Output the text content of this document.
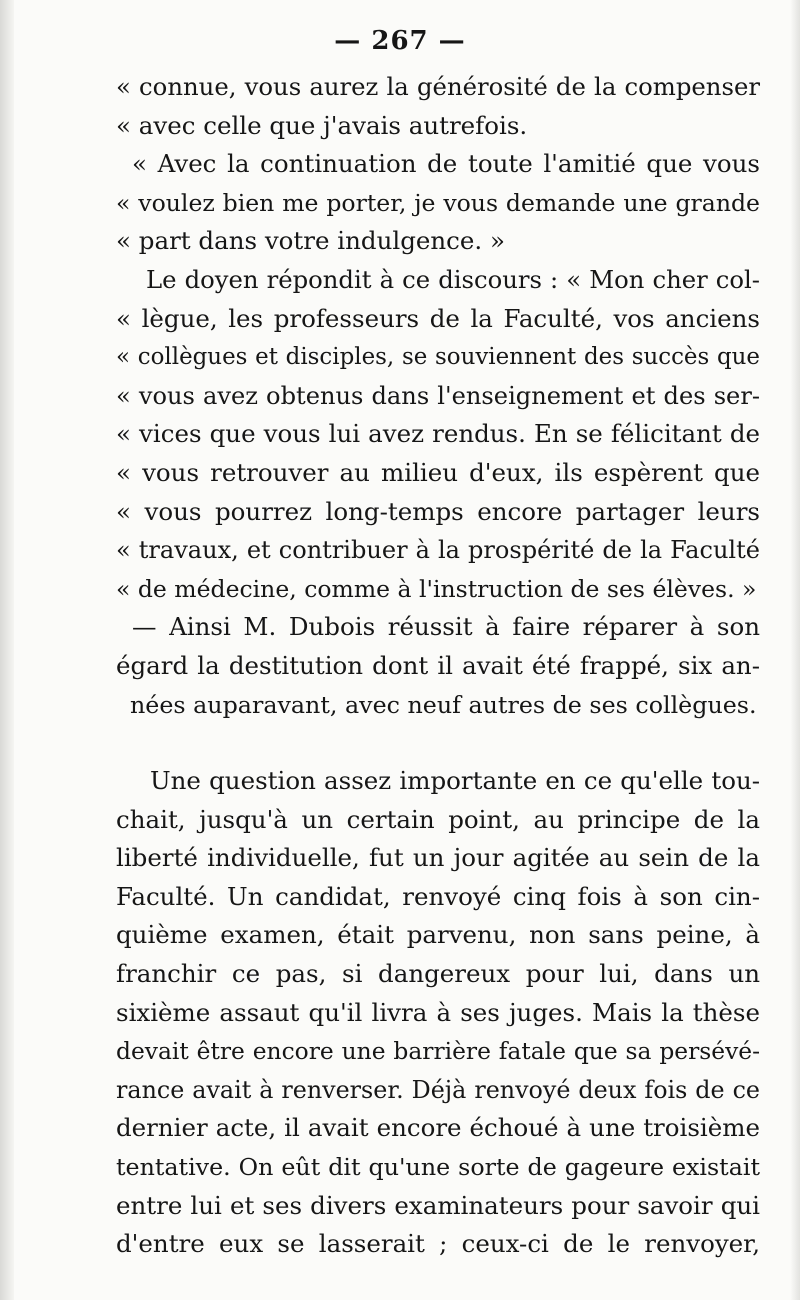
— 267 —
« connue, vous aurez la générosité de la compenser
« avec celle que j'avais autrefois.
« Avec la continuation de toute l'amitié que vous
« voulez bien me porter, je vous demande une grande
« part dans votre indulgence. »
Le doyen répondit à ce discours : « Mon cher col-
« lègue, les professeurs de la Faculté, vos anciens
« collègues et disciples, se souviennent des succès que
« vous avez obtenus dans l'enseignement et des ser-
« vices que vous lui avez rendus. En se félicitant de
« vous retrouver au milieu d'eux, ils espèrent que
« vous pourrez long-temps encore partager leurs
« travaux, et contribuer à la prospérité de la Faculté
« de médecine, comme à l'instruction de ses élèves. »
— Ainsi M. Dubois réussit à faire réparer à son
égard la destitution dont il avait été frappé, six an-
nées auparavant, avec neuf autres de ses collègues.
Une question assez importante en ce qu'elle tou-
chait, jusqu'à un certain point, au principe de la
liberté individuelle, fut un jour agitée au sein de la
Faculté. Un candidat, renvoyé cinq fois à son cin-
quième examen, était parvenu, non sans peine, à
franchir ce pas, si dangereux pour lui, dans un
sixième assaut qu'il livra à ses juges. Mais la thèse
devait être encore une barrière fatale que sa persévé-
rance avait à renverser. Déjà renvoyé deux fois de ce
dernier acte, il avait encore échoué à une troisième
tentative. On eût dit qu'une sorte de gageure existait
entre lui et ses divers examinateurs pour savoir qui
d'entre eux se lasserait ; ceux-ci de le renvoyer,
